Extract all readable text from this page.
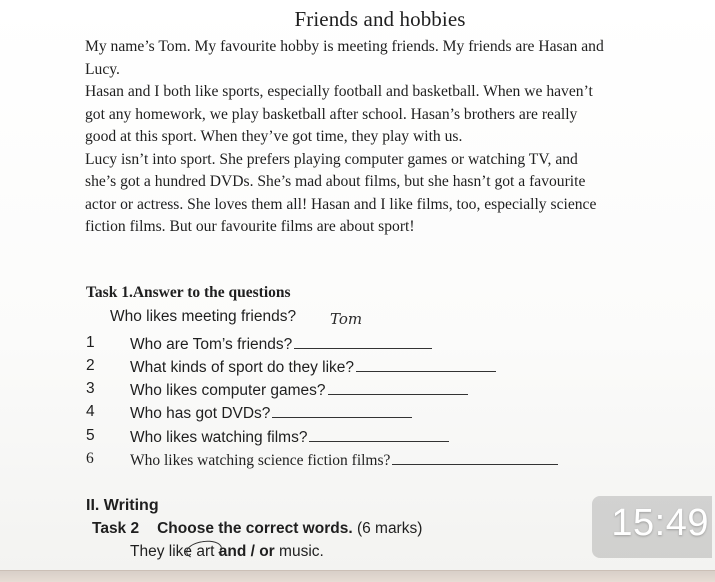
Friends and hobbies

My name’s Tom. My favourite hobby is meeting friends. My friends are Hasan and

Lucy.

Hasan and I both like sports, especially football and basketball. When we haven’t

got any homework, we play basketball after school. Hasan’s brothers are really

good at this sport. When they’ve got time, they play with us.

Lucy isn’t into sport. She prefers playing computer games or watching TV, and

she’s got a hundred DVDs. She’s mad about films, but she hasn’t got a favourite

actor or actress. She loves them all! Hasan and I like films, too, especially science

fiction films. But our favourite films are about sport!

Task 1.Answer to the questions
Who likes meeting friends? Tom
1	Who are Tom’s friends?
2	What kinds of sport do they like?
3	Who likes computer games?
4	Who has got DVDs?
5	Who likes watching films?
6	Who likes watching science fiction films?
II. Writing
Task 2 Choose the correct words. (6 marks)
They like art and / or music.
15:49
